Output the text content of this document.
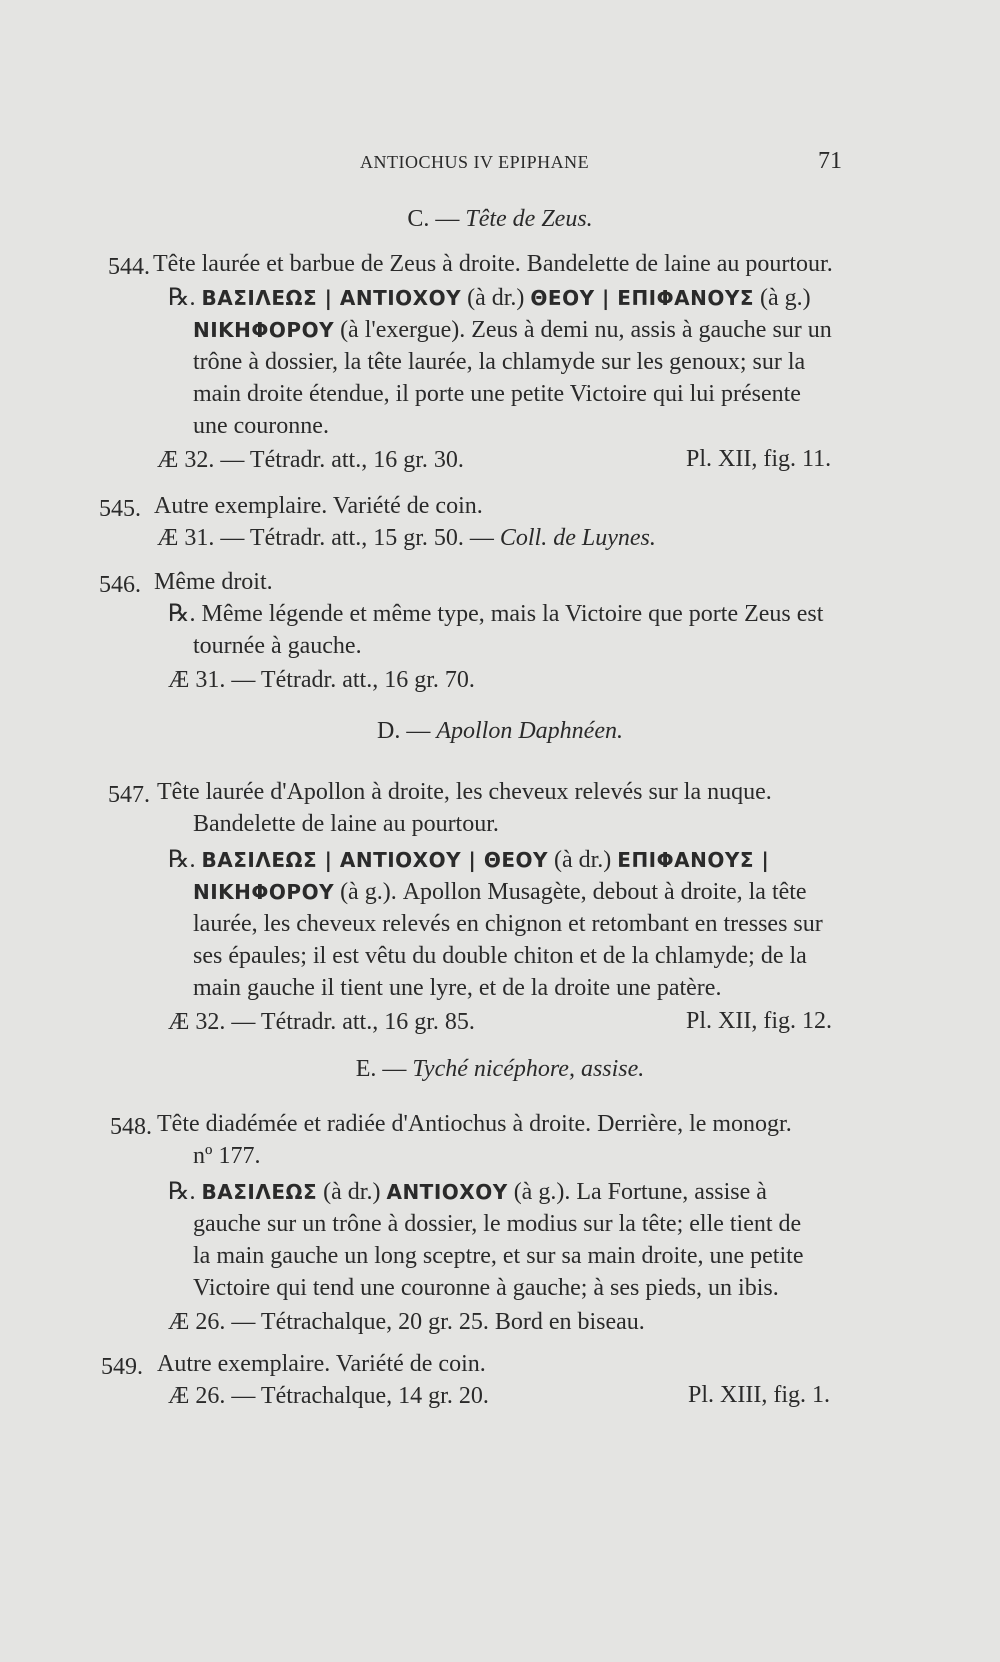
ANTIOCHUS IV EPIPHANE	71
C. — Tête de Zeus.
544. Tête laurée et barbue de Zeus à droite. Bandelette de laine au pourtour.
℞. ΒΑΣΙΛΕΩΣ | ΑΝΤΙΟΧΟΥ (à dr.) ΘΕΟΥ | ΕΠΙΦΑΝΟΥΣ (à g.)
ΝΙΚΗΦΟΡΟΥ (à l'exergue). Zeus à demi nu, assis à gauche sur un
trône à dossier, la tête laurée, la chlamyde sur les genoux; sur la
main droite étendue, il porte une petite Victoire qui lui présente
une couronne.
Æ 32. — Tétradr. att., 16 gr. 30.	Pl. XII, fig. 11.
545. Autre exemplaire. Variété de coin.
Æ 31. — Tétradr. att., 15 gr. 50. — Coll. de Luynes.
546. Même droit.
℞. Même légende et même type, mais la Victoire que porte Zeus est
tournée à gauche.
Æ 31. — Tétradr. att., 16 gr. 70.
D. — Apollon Daphnéen.
547. Tête laurée d'Apollon à droite, les cheveux relevés sur la nuque.
Bandelette de laine au pourtour.
℞. ΒΑΣΙΛΕΩΣ | ΑΝΤΙΟΧΟΥ | ΘΕΟΥ (à dr.) ΕΠΙΦΑΝΟΥΣ |
ΝΙΚΗΦΟΡΟΥ (à g.). Apollon Musagète, debout à droite, la tête
laurée, les cheveux relevés en chignon et retombant en tresses sur
ses épaules; il est vêtu du double chiton et de la chlamyde; de la
main gauche il tient une lyre, et de la droite une patère.
Æ 32. — Tétradr. att., 16 gr. 85.	Pl. XII, fig. 12.
E. — Tyché nicéphore, assise.
548. Tête diadémée et radiée d'Antiochus à droite. Derrière, le monogr.
nº 177.
℞. ΒΑΣΙΛΕΩΣ (à dr.) ΑΝΤΙΟΧΟΥ (à g.). La Fortune, assise à
gauche sur un trône à dossier, le modius sur la tête; elle tient de
la main gauche un long sceptre, et sur sa main droite, une petite
Victoire qui tend une couronne à gauche; à ses pieds, un ibis.
Æ 26. — Tétrachalque, 20 gr. 25. Bord en biseau.
549. Autre exemplaire. Variété de coin.
Æ 26. — Tétrachalque, 14 gr. 20.	Pl. XIII, fig. 1.
